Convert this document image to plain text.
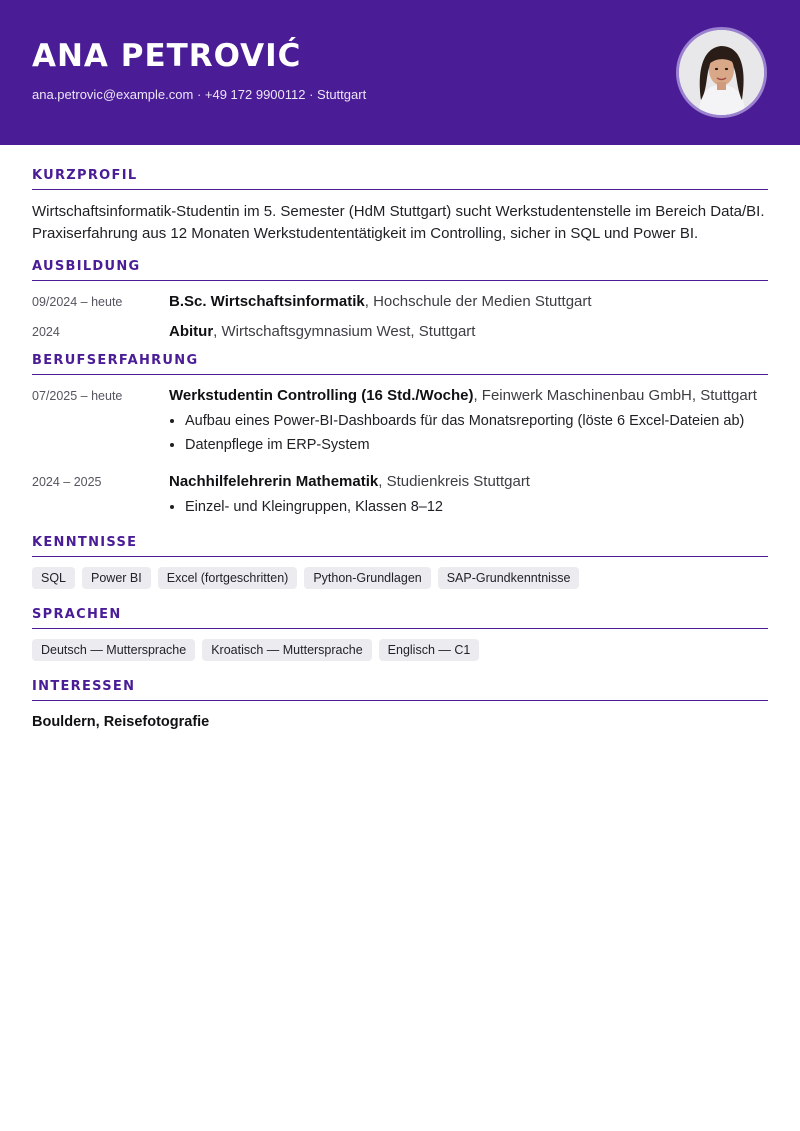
ANA PETROVIĆ
ana.petrovic@example.com · +49 172 9900112 · Stuttgart
KURZPROFIL
Wirtschaftsinformatik-Studentin im 5. Semester (HdM Stuttgart) sucht Werkstudentenstelle im Bereich Data/BI. Praxiserfahrung aus 12 Monaten Werkstudententätigkeit im Controlling, sicher in SQL und Power BI.
AUSBILDUNG
09/2024 – heute	B.Sc. Wirtschaftsinformatik, Hochschule der Medien Stuttgart
2024	Abitur, Wirtschaftsgymnasium West, Stuttgart
BERUFSERFAHRUNG
07/2025 – heute	Werkstudentin Controlling (16 Std./Woche), Feinwerk Maschinenbau GmbH, Stuttgart
• Aufbau eines Power-BI-Dashboards für das Monatsreporting (löste 6 Excel-Dateien ab)
• Datenpflege im ERP-System
2024 – 2025	Nachhilfelehrerin Mathematik, Studienkreis Stuttgart
• Einzel- und Kleingruppen, Klassen 8–12
KENNTNISSE
SQL	Power BI	Excel (fortgeschritten)	Python-Grundlagen	SAP-Grundkenntnisse
SPRACHEN
Deutsch — Muttersprache	Kroatisch — Muttersprache	Englisch — C1
INTERESSEN
Bouldern, Reisefotografie
